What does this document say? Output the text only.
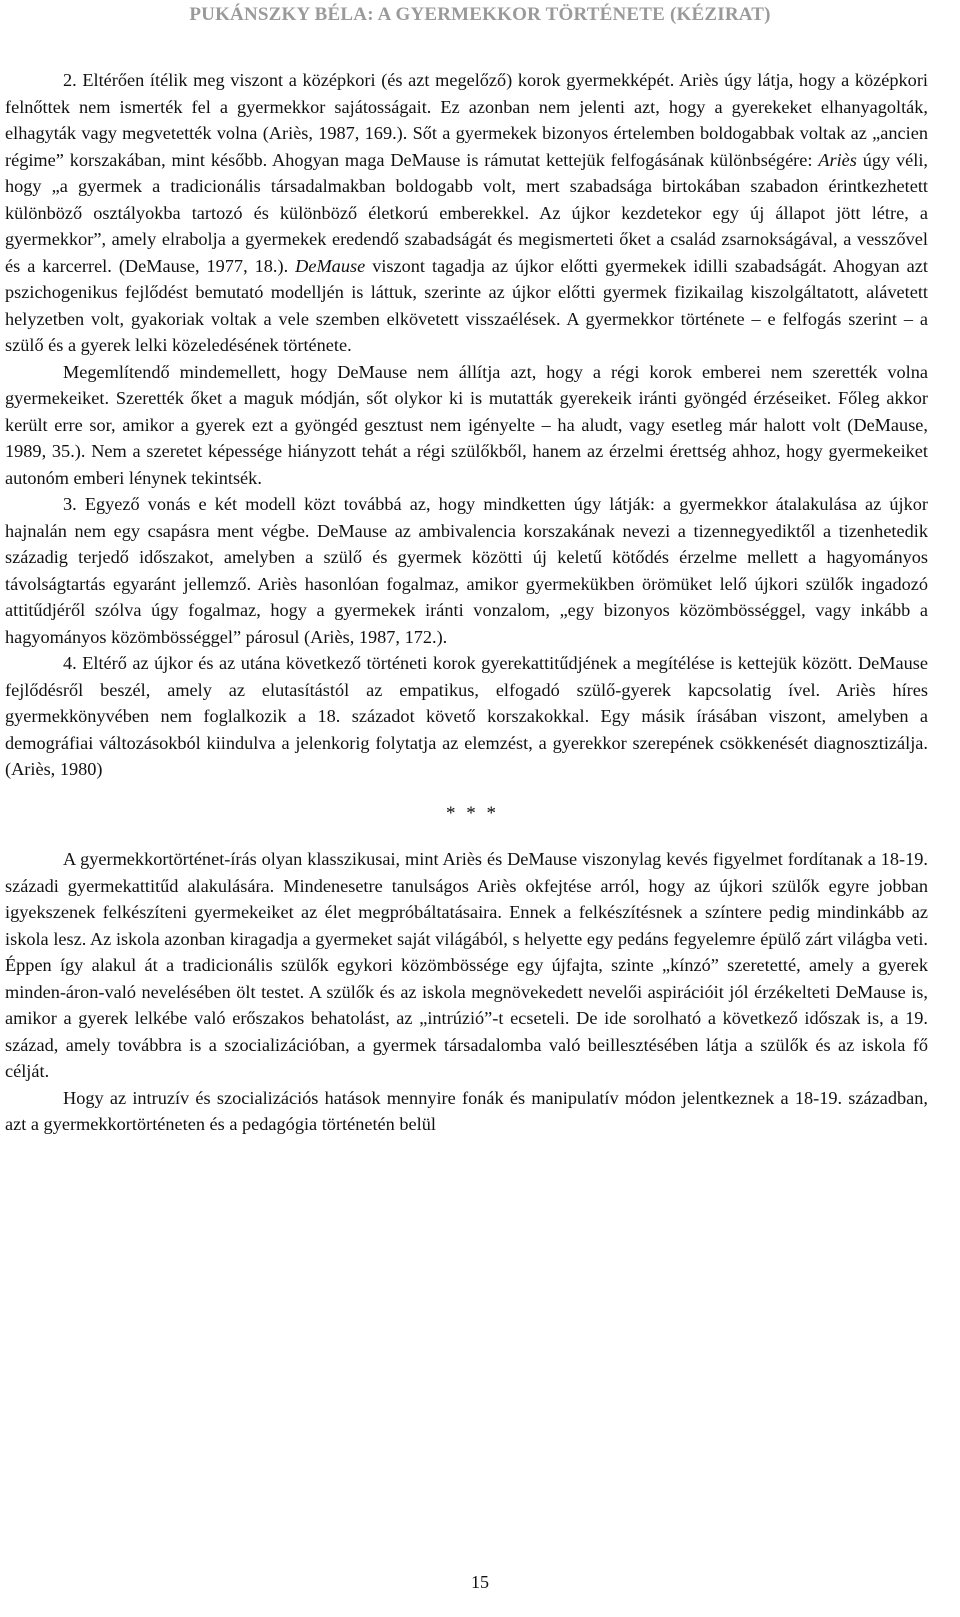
PUKÁNSZKY BÉLA: A GYERMEKKOR TÖRTÉNETE (KÉZIRAT)

2. Eltérően ítélik meg viszont a középkori (és azt megelőző) korok gyermekképét. Ariès úgy látja, hogy a középkori felnőttek nem ismerték fel a gyermekkor sajátosságait. Ez azonban nem jelenti azt, hogy a gyerekeket elhanyagolták, elhagyták vagy megvetették volna (Ariès, 1987, 169.). Sőt a gyermekek bizonyos értelemben boldogabbak voltak az „ancien régime” korszakában, mint később. Ahogyan maga DeMause is rámutat kettejük felfogásának különbségére: Ariès úgy véli, hogy „a gyermek a tradicionális társadalmakban boldogabb volt, mert szabadsága birtokában szabadon érintkezhetett különböző osztályokba tartozó és különböző életkorú emberekkel. Az újkor kezdetekor egy új állapot jött létre, a gyermekkor”, amely elrabolja a gyermekek eredendő szabadságát és megismerteti őket a család zsarnokságával, a vesszővel és a karcerrel. (DeMause, 1977, 18.). DeMause viszont tagadja az újkor előtti gyermekek idilli szabadságát. Ahogyan azt pszichogenikus fejlődést bemutató modelljén is láttuk, szerinte az újkor előtti gyermek fizikailag kiszolgáltatott, alávetett helyzetben volt, gyakoriak voltak a vele szemben elkövetett visszaélések. A gyermekkor története – e felfogás szerint – a szülő és a gyerek lelki közeledésének története.

Megemlítendő mindemellett, hogy DeMause nem állítja azt, hogy a régi korok emberei nem szerették volna gyermekeiket. Szerették őket a maguk módján, sőt olykor ki is mutatták gyerekeik iránti gyöngéd érzéseiket. Főleg akkor került erre sor, amikor a gyerek ezt a gyöngéd gesztust nem igényelte – ha aludt, vagy esetleg már halott volt (DeMause, 1989, 35.). Nem a szeretet képessége hiányzott tehát a régi szülőkből, hanem az érzelmi érettség ahhoz, hogy gyermekeiket autonóm emberi lénynek tekintsék.

3. Egyező vonás e két modell közt továbbá az, hogy mindketten úgy látják: a gyermekkor átalakulása az újkor hajnalán nem egy csapásra ment végbe. DeMause az ambivalencia korszakának nevezi a tizennegyediktől a tizenhetedik századig terjedő időszakot, amelyben a szülő és gyermek közötti új keletű kötődés érzelme mellett a hagyományos távolságtartás egyaránt jellemző. Ariès hasonlóan fogalmaz, amikor gyermekükben örömüket lelő újkori szülők ingadozó attitűdjéről szólva úgy fogalmaz, hogy a gyermekek iránti vonzalom, „egy bizonyos közömbösséggel, vagy inkább a hagyományos közömbösséggel” párosul (Ariès, 1987, 172.).

4. Eltérő az újkor és az utána következő történeti korok gyerekattitűdjének a megítélése is kettejük között. DeMause fejlődésről beszél, amely az elutasítástól az empatikus, elfogadó szülő-gyerek kapcsolatig ível. Ariès híres gyermekkönyvében nem foglalkozik a 18. századot követő korszakokkal. Egy másik írásában viszont, amelyben a demográfiai változásokból kiindulva a jelenkorig folytatja az elemzést, a gyerekkor szerepének csökkenését diagnosztizálja. (Ariès, 1980)

* * *

A gyermekkortörténet-írás olyan klasszikusai, mint Ariès és DeMause viszonylag kevés figyelmet fordítanak a 18-19. századi gyermekattitűd alakulására. Mindenesetre tanulságos Ariès okfejtése arról, hogy az újkori szülők egyre jobban igyekszenek felkészíteni gyermekeiket az élet megpróbáltatásaira. Ennek a felkészítésnek a színtere pedig mindinkább az iskola lesz. Az iskola azonban kiragadja a gyermeket saját világából, s helyette egy pedáns fegyelemre épülő zárt világba veti. Éppen így alakul át a tradicionális szülők egykori közömbössége egy újfajta, szinte „kínzó” szeretetté, amely a gyerek minden-áron-való nevelésében ölt testet. A szülők és az iskola megnövekedett nevelői aspirációit jól érzékelteti DeMause is, amikor a gyerek lelkébe való erőszakos behatolást, az „intrúzió”-t ecseteli. De ide sorolható a következő időszak is, a 19. század, amely továbbra is a szocializációban, a gyermek társadalomba való beillesztésében látja a szülők és az iskola fő célját.

Hogy az intruzív és szocializációs hatások mennyire fonák és manipulatív módon jelentkeznek a 18-19. században, azt a gyermekkortörténeten és a pedagógia történetén belül

15
